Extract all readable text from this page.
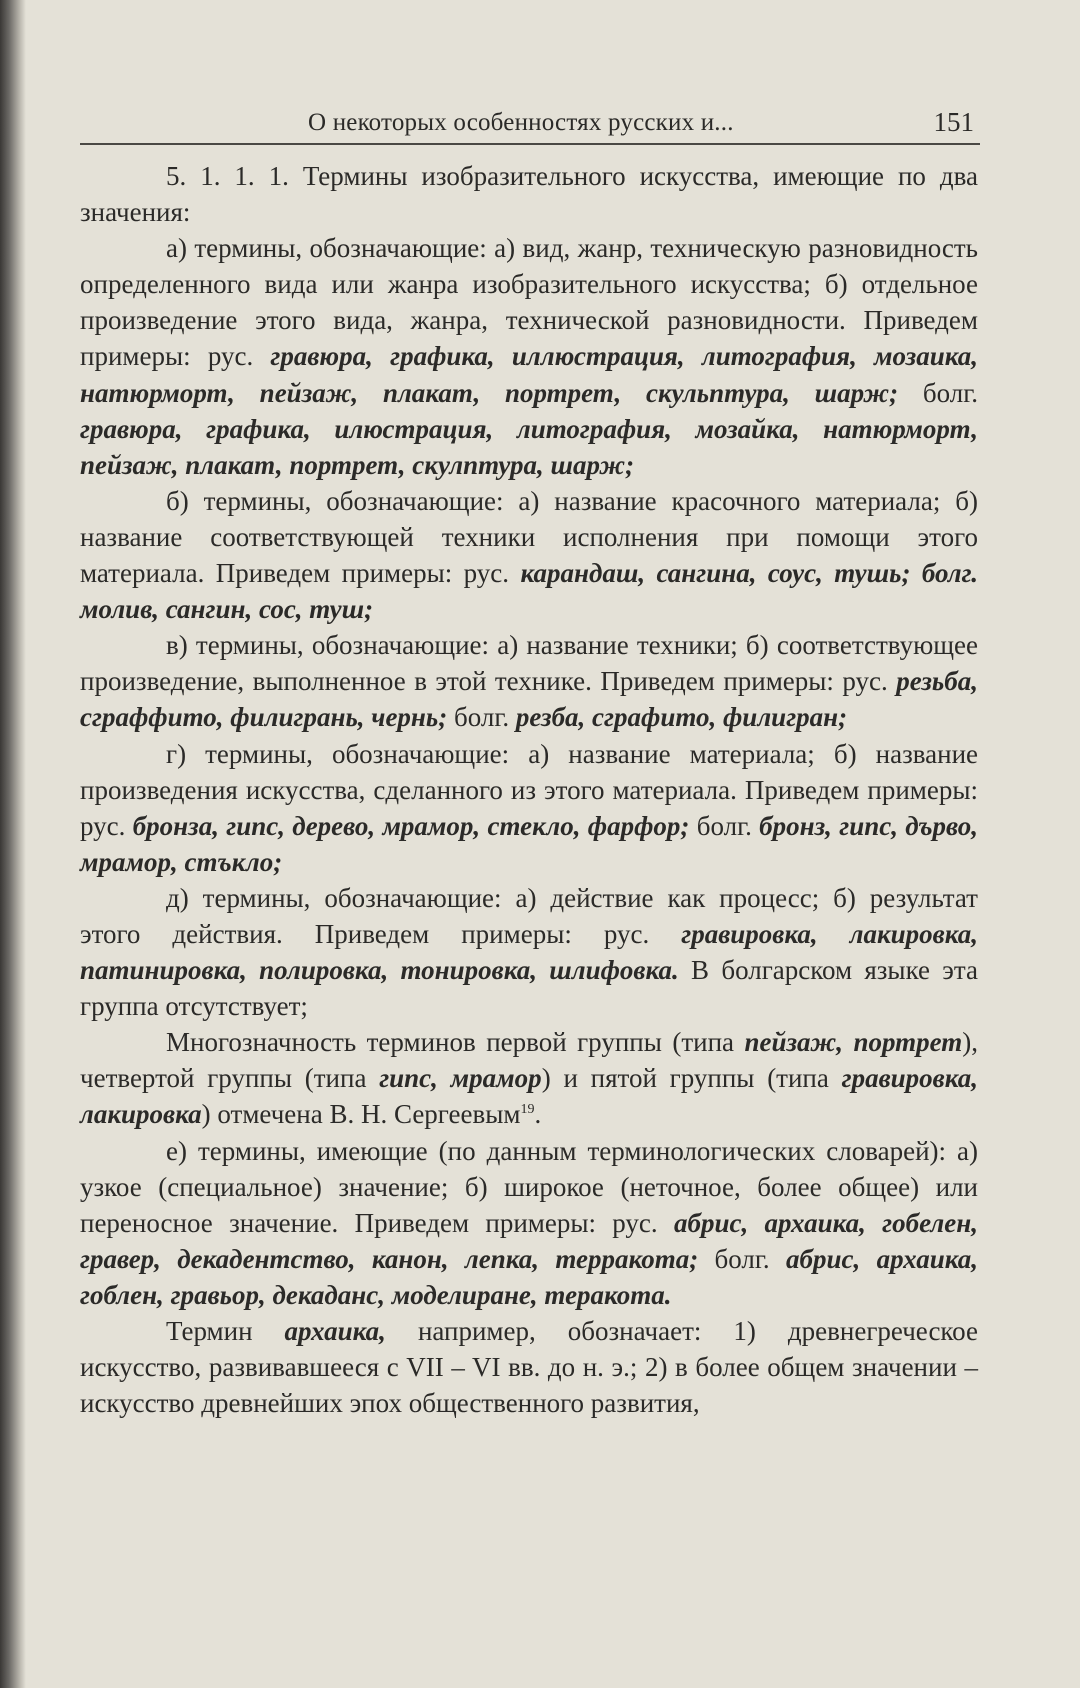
О некоторых особенностях русских и...	151

5. 1. 1. 1. Термины изобразительного искусства, имеющие по два значения:

а) термины, обозначающие: а) вид, жанр, техническую разновидность определенного вида или жанра изобразительного искусства; б) отдельное произведение этого вида, жанра, технической разновидности. Приведем примеры: рус. гравюра, графика, иллюстрация, литография, мозаика, натюрморт, пейзаж, плакат, портрет, скульптура, шарж; болг. гравюра, графика, илюстрация, литография, мозайка, натюрморт, пейзаж, плакат, портрет, скулптура, шарж;

б) термины, обозначающие: а) название красочного материала; б) название соответствующей техники исполнения при помощи этого материала. Приведем примеры: рус. карандаш, сангина, соус, тушь; болг. молив, сангин, сос, туш;

в) термины, обозначающие: а) название техники; б) соответствующее произведение, выполненное в этой технике. Приведем примеры: рус. резьба, сграффито, филигрань, чернь; болг. резба, сграфито, филигран;

г) термины, обозначающие: а) название материала; б) название произведения искусства, сделанного из этого материала. Приведем примеры: рус. бронза, гипс, дерево, мрамор, стекло, фарфор; болг. бронз, гипс, дърво, мрамор, стъкло;

д) термины, обозначающие: а) действие как процесс; б) результат этого действия. Приведем примеры: рус. гравировка, лакировка, патинировка, полировка, тонировка, шлифовка. В болгарском языке эта группа отсутствует;

Многозначность терминов первой группы (типа пейзаж, портрет), четвертой группы (типа гипс, мрамор) и пятой группы (типа гравировка, лакировка) отмечена В. Н. Сергеевым$^{19}$.

е) термины, имеющие (по данным терминологических словарей): а) узкое (специальное) значение; б) широкое (неточное, более общее) или переносное значение. Приведем примеры: рус. абрис, архаика, гобелен, гравер, декадентство, канон, лепка, терракота; болг. абрис, архаика, гоблен, гравьор, декаданс, моделиране, теракота.

Термин архаика, например, обозначает: 1) древнегреческое искусство, развивавшееся с VII – VI вв. до н. э.; 2) в более общем значении – искусство древнейших эпох общественного развития,
